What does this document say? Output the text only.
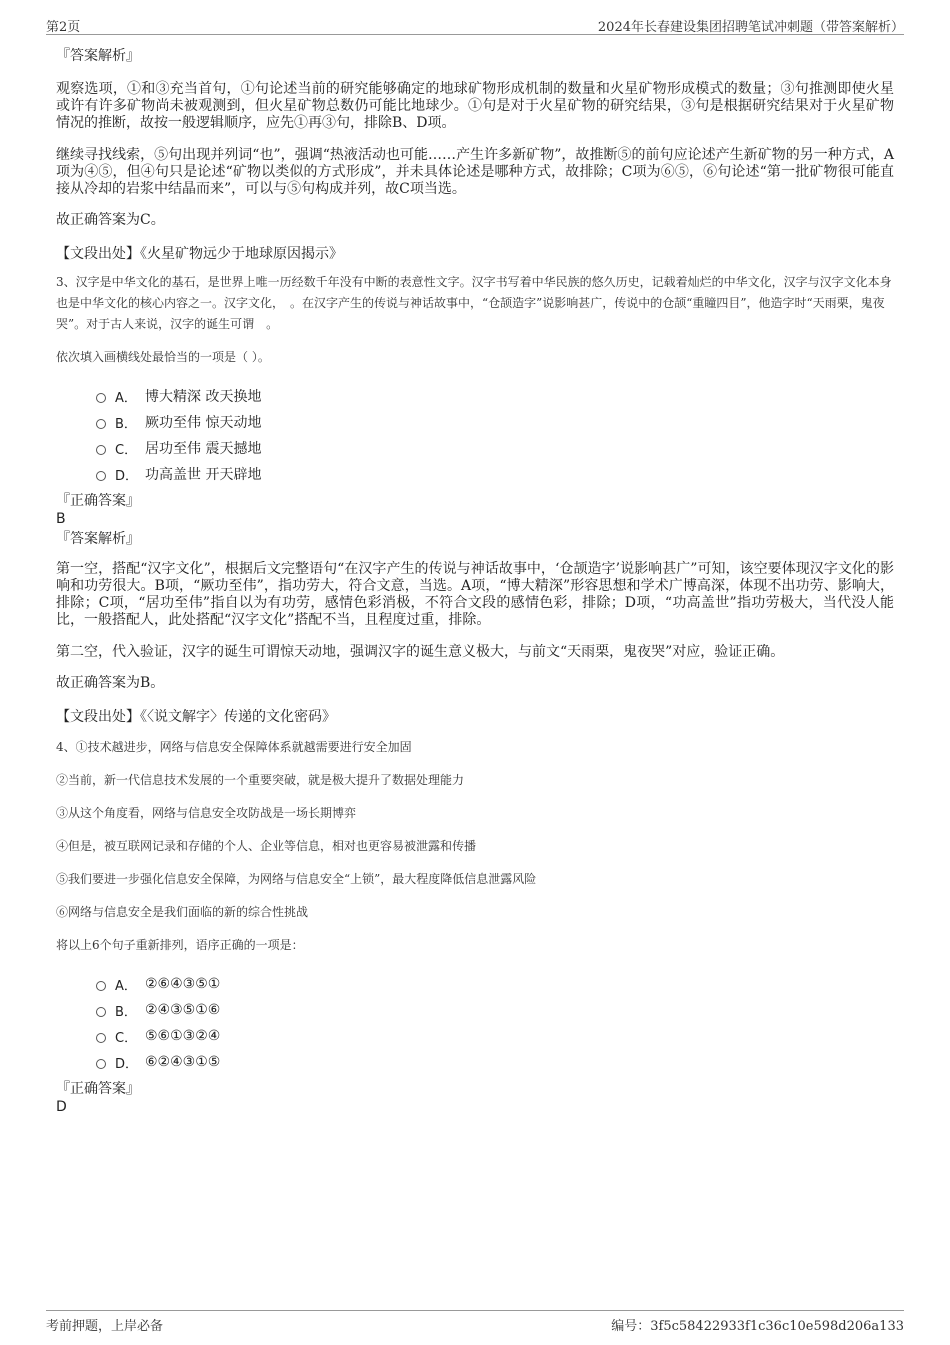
第2页	2024年长春建设集团招聘笔试冲刺题（带答案解析）

『答案解析』

观察选项，①和③充当首句，①句论述当前的研究能够确定的地球矿物形成机制的数量和火星矿物形成模式的数量；③句推测即使火星或许有许多矿物尚未被观测到，但火星矿物总数仍可能比地球少。①句是对于火星矿物的研究结果，③句是根据研究结果对于火星矿物情况的推断，故按一般逻辑顺序，应先①再③句，排除B、D项。

继续寻找线索，⑤句出现并列词“也”，强调“热液活动也可能……产生许多新矿物”，故推断⑤的前句应论述产生新矿物的另一种方式，A项为④⑤，但④句只是论述“矿物以类似的方式形成”，并未具体论述是哪种方式，故排除；C项为⑥⑤，⑥句论述“第一批矿物很可能直接从冷却的岩浆中结晶而来”，可以与⑤句构成并列，故C项当选。

故正确答案为C。

【文段出处】《火星矿物远少于地球原因揭示》

3、汉字是中华文化的基石，是世界上唯一历经数千年没有中断的表意性文字。汉字书写着中华民族的悠久历史，记载着灿烂的中华文化，汉字与汉字文化本身也是中华文化的核心内容之一。汉字文化，　。在汉字产生的传说与神话故事中，“仓颉造字”说影响甚广，传说中的仓颉“重瞳四目”，他造字时“天雨栗，鬼夜哭”。对于古人来说，汉字的诞生可谓　。

依次填入画横线处最恰当的一项是（ ）。

A． 博大精深 改天换地
B． 厥功至伟 惊天动地
C． 居功至伟 震天撼地
D． 功高盖世 开天辟地

『正确答案』

B

『答案解析』

第一空，搭配“汉字文化”，根据后文完整语句“在汉字产生的传说与神话故事中，‘仓颉造字’说影响甚广”可知，该空要体现汉字文化的影响和功劳很大。B项，“厥功至伟”，指功劳大，符合文意，当选。A项，“博大精深”形容思想和学术广博高深，体现不出功劳、影响大，排除；C项，“居功至伟”指自以为有功劳，感情色彩消极，不符合文段的感情色彩，排除；D项，“功高盖世”指功劳极大，当代没人能比，一般搭配人，此处搭配“汉字文化”搭配不当，且程度过重，排除。

第二空，代入验证，汉字的诞生可谓惊天动地，强调汉字的诞生意义极大，与前文“天雨栗，鬼夜哭”对应，验证正确。

故正确答案为B。

【文段出处】《〈说文解字〉传递的文化密码》

4、①技术越进步，网络与信息安全保障体系就越需要进行安全加固

②当前，新一代信息技术发展的一个重要突破，就是极大提升了数据处理能力

③从这个角度看，网络与信息安全攻防战是一场长期博弈

④但是，被互联网记录和存储的个人、企业等信息，相对也更容易被泄露和传播

⑤我们要进一步强化信息安全保障，为网络与信息安全“上锁”，最大程度降低信息泄露风险

⑥网络与信息安全是我们面临的新的综合性挑战

将以上6个句子重新排列，语序正确的一项是：

A． ②⑥④③⑤①
B． ②④③⑤①⑥
C． ⑤⑥①③②④
D． ⑥②④③①⑤

『正确答案』

D

考前押题，上岸必备	编号：3f5c58422933f1c36c10e598d206a133
